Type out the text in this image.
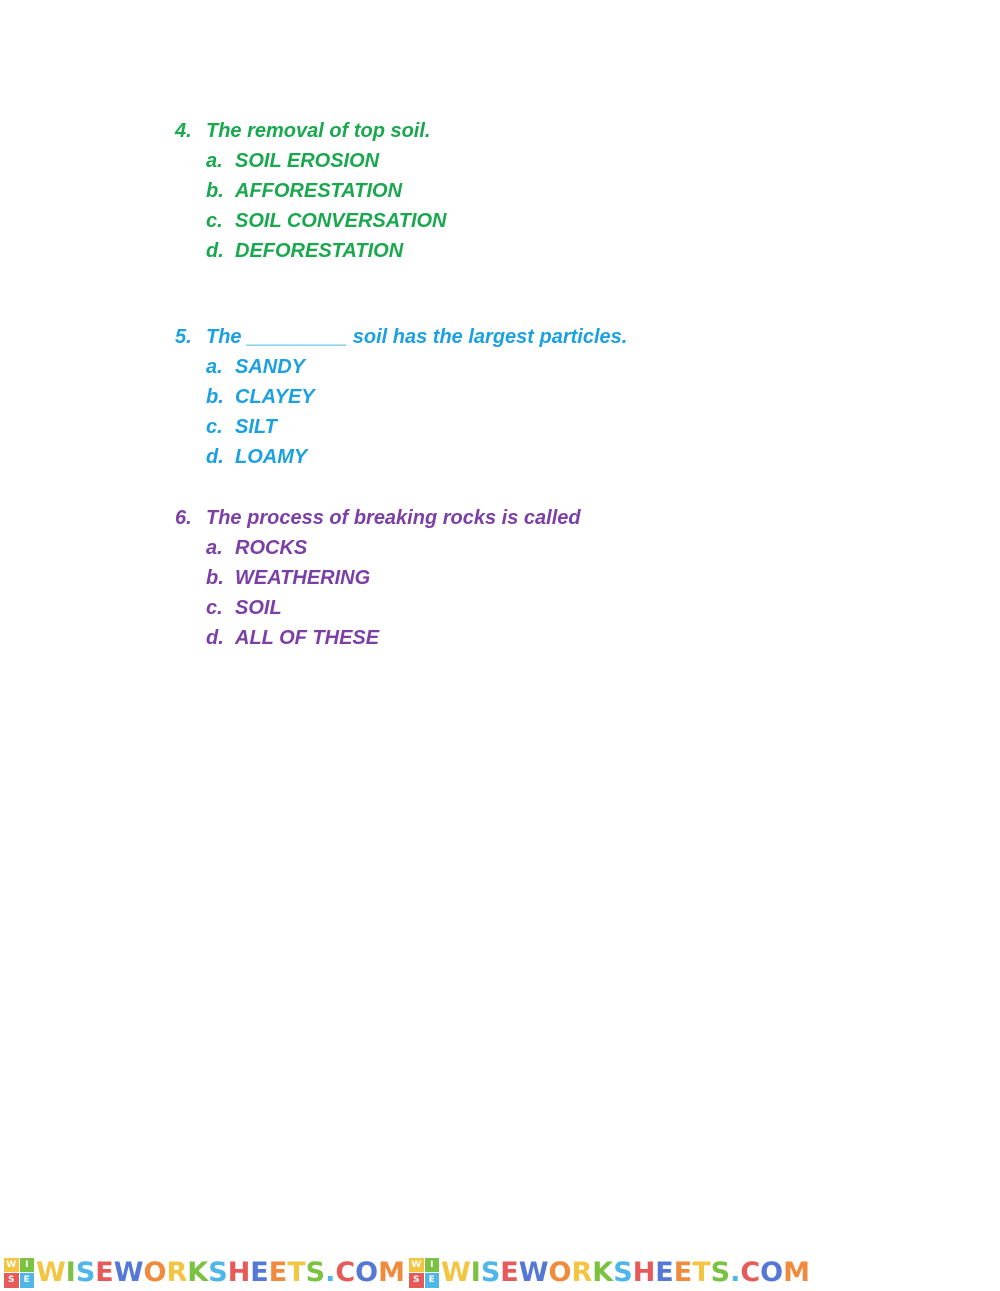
4. The removal of top soil.
a. SOIL EROSION
b. AFFORESTATION
c. SOIL CONVERSATION
d. DEFORESTATION
5. The _________ soil has the largest particles.
a. SANDY
b. CLAYEY
c. SILT
d. LOAMY
6. The process of breaking rocks is called
a. ROCKS
b. WEATHERING
c. SOIL
d. ALL OF THESE
W I
S	E WISEWORKSHEETS.COM W I
S	E WISEWORKSHEETS.COM
